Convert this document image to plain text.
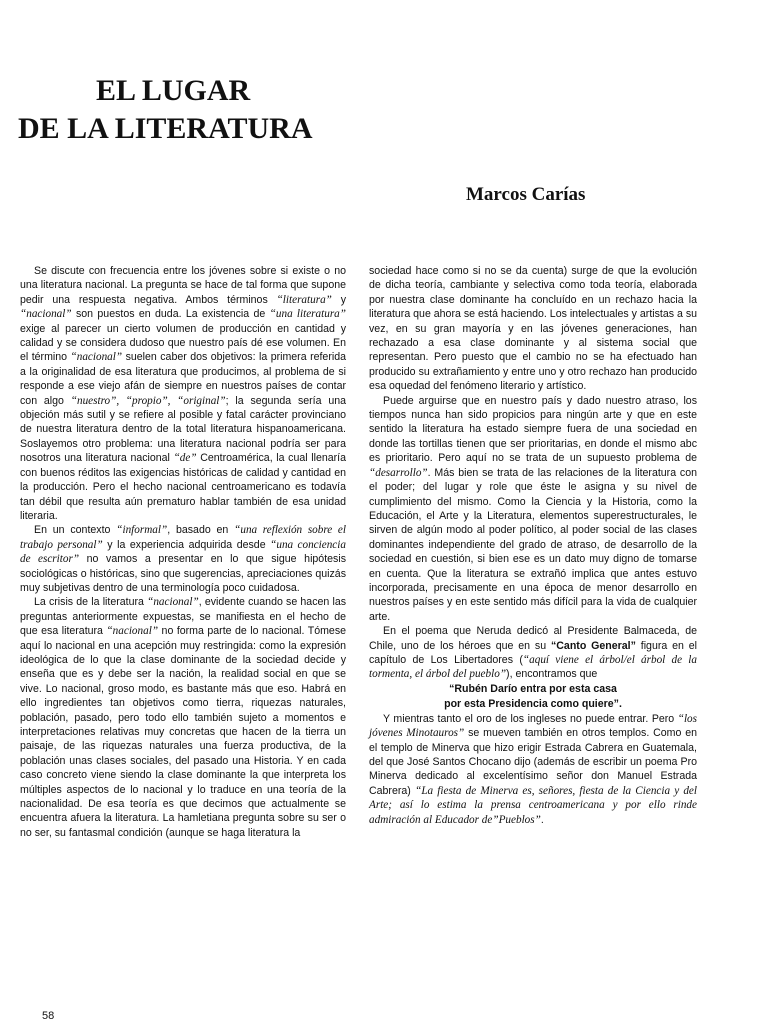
EL LUGAR
DE LA LITERATURA

Marcos Carías

Se discute con frecuencia entre los jóvenes sobre si existe o no una literatura nacional. La pregunta se hace de tal forma que supone pedir una respuesta negativa. Ambos términos “literatura” y “nacional” son puestos en duda. La existencia de “una literatura” exige al parecer un cierto volumen de producción en cantidad y calidad y se considera dudoso que nuestro país dé ese volumen. En el término “nacional” suelen caber dos objetivos: la primera referida a la originalidad de esa literatura que producimos, al problema de si responde a ese viejo afán de siempre en nuestros países de contar con algo “nuestro”, “propio”, “original”; la segunda sería una objeción más sutil y se refiere al posible y fatal carácter provinciano de nuestra literatura dentro de la total literatura hispanoamericana. Soslayemos otro problema: una literatura nacional podría ser para nosotros una literatura nacional “de” Centroamérica, la cual llenaría con buenos réditos las exigencias históricas de calidad y cantidad en la producción. Pero el hecho nacional centroamericano es todavía tan débil que resulta aún prematuro hablar también de esa unidad literaria.

En un contexto “informal”, basado en “una reflexión sobre el trabajo personal” y la experiencia adquirida desde “una conciencia de escritor” no vamos a presentar en lo que sigue hipótesis sociológicas o históricas, sino que sugerencias, apreciaciones quizás muy subjetivas dentro de una terminología poco cuidadosa.

La crisis de la literatura “nacional”, evidente cuando se hacen las preguntas anteriormente expuestas, se manifiesta en el hecho de que esa literatura “nacional” no forma parte de lo nacional. Tómese aquí lo nacional en una acepción muy restringida: como la expresión ideológica de lo que la clase dominante de la sociedad decide y enseña que es y debe ser la nación, la realidad social en que se vive. Lo nacional, groso modo, es bastante más que eso. Habrá en ello ingredientes tan objetivos como tierra, riquezas naturales, población, pasado, pero todo ello también sujeto a momentos e interpretaciones relativas muy concretas que hacen de la tierra un paisaje, de las riquezas naturales una fuerza productiva, de la población unas clases sociales, del pasado una Historia. Y en cada caso concreto viene siendo la clase dominante la que interpreta los múltiples aspectos de lo nacional y lo traduce en una teoría de la nacionalidad. De esa teoría es que decimos que actualmente se encuentra afuera la literatura. La hamletiana pregunta sobre su ser o no ser, su fantasmal condición (aunque se haga literatura la

sociedad hace como si no se da cuenta) surge de que la evolución de dicha teoría, cambiante y selectiva como toda teoría, elaborada por nuestra clase dominante ha concluído en un rechazo hacia la literatura que ahora se está haciendo. Los intelectuales y artistas a su vez, en su gran mayoría y en las jóvenes generaciones, han rechazado a esa clase dominante y al sistema social que representan. Pero puesto que el cambio no se ha efectuado han producido su extrañamiento y entre uno y otro rechazo han producido esa oquedad del fenómeno literario y artístico.

Puede arguirse que en nuestro país y dado nuestro atraso, los tiempos nunca han sido propicios para ningún arte y que en este sentido la literatura ha estado siempre fuera de una sociedad en donde las tortillas tienen que ser prioritarias, en donde el mismo abc es prioritario. Pero aquí no se trata de un supuesto problema de “desarrollo”. Más bien se trata de las relaciones de la literatura con el poder; del lugar y role que éste le asigna y su nivel de cumplimiento del mismo. Como la Ciencia y la Historia, como la Educación, el Arte y la Literatura, elementos superestructurales, le sirven de algún modo al poder político, al poder social de las clases dominantes independiente del grado de atraso, de desarrollo de la sociedad en cuestión, si bien ese es un dato muy digno de tomarse en cuenta. Que la literatura se extrañó implica que antes estuvo incorporada, precisamente en una época de menor desarrollo en nuestros países y en este sentido más difícil para la vida de cualquier arte.

En el poema que Neruda dedicó al Presidente Balmaceda, de Chile, uno de los héroes que en su “Canto General” figura en el capítulo de Los Libertadores (“aquí viene el árbol/el árbol de la tormenta, el árbol del pueblo”), encontramos que

“Rubén Darío entra por esta casa
por esta Presidencia como quiere”.

Y mientras tanto el oro de los ingleses no puede entrar. Pero “los jóvenes Minotauros” se mueven también en otros templos. Como en el templo de Minerva que hizo erigir Estrada Cabrera en Guatemala, del que José Santos Chocano dijo (además de escribir un poema Pro Minerva dedicado al excelentísimo señor don Manuel Estrada Cabrera) “La fiesta de Minerva es, señores, fiesta de la Ciencia y del Arte; así lo estima la prensa centroamericana y por ello rinde admiración al Educador de”Pueblos”.

58
